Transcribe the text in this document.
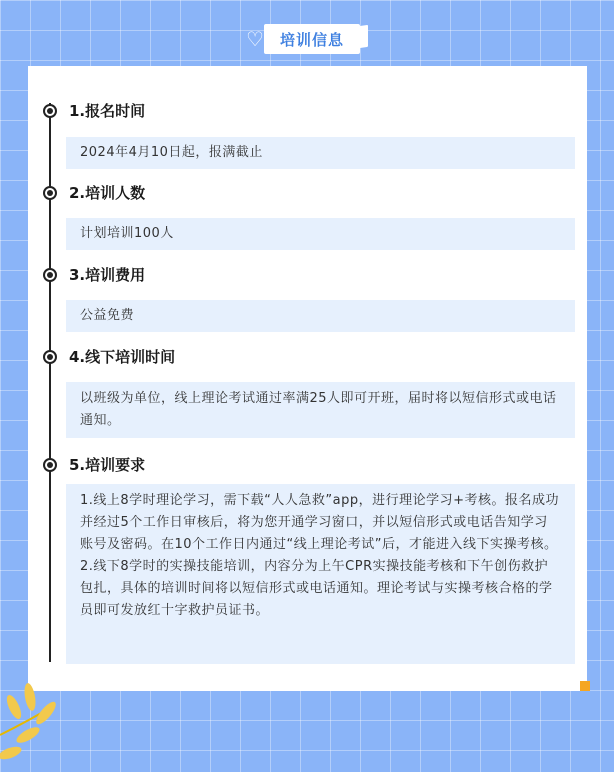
♡	培训信息
1.报名时间

2024年4月10日起，报满截止

2.培训人数

计划培训100人

3.培训费用

公益免费

4.线下培训时间

以班级为单位，线上理论考试通过率满25人即可开班，届时将以短信形式或电话通知。

5.培训要求

1.线上8学时理论学习，需下载“人人急救”app，进行理论学习+考核。报名成功并经过5个工作日审核后，将为您开通学习窗口，并以短信形式或电话告知学习账号及密码。在10个工作日内通过“线上理论考试”后，才能进入线下实操考核。

2.线下8学时的实操技能培训，内容分为上午CPR实操技能考核和下午创伤救护包扎，具体的培训时间将以短信形式或电话通知。理论考试与实操考核合格的学员即可发放红十字救护员证书。
